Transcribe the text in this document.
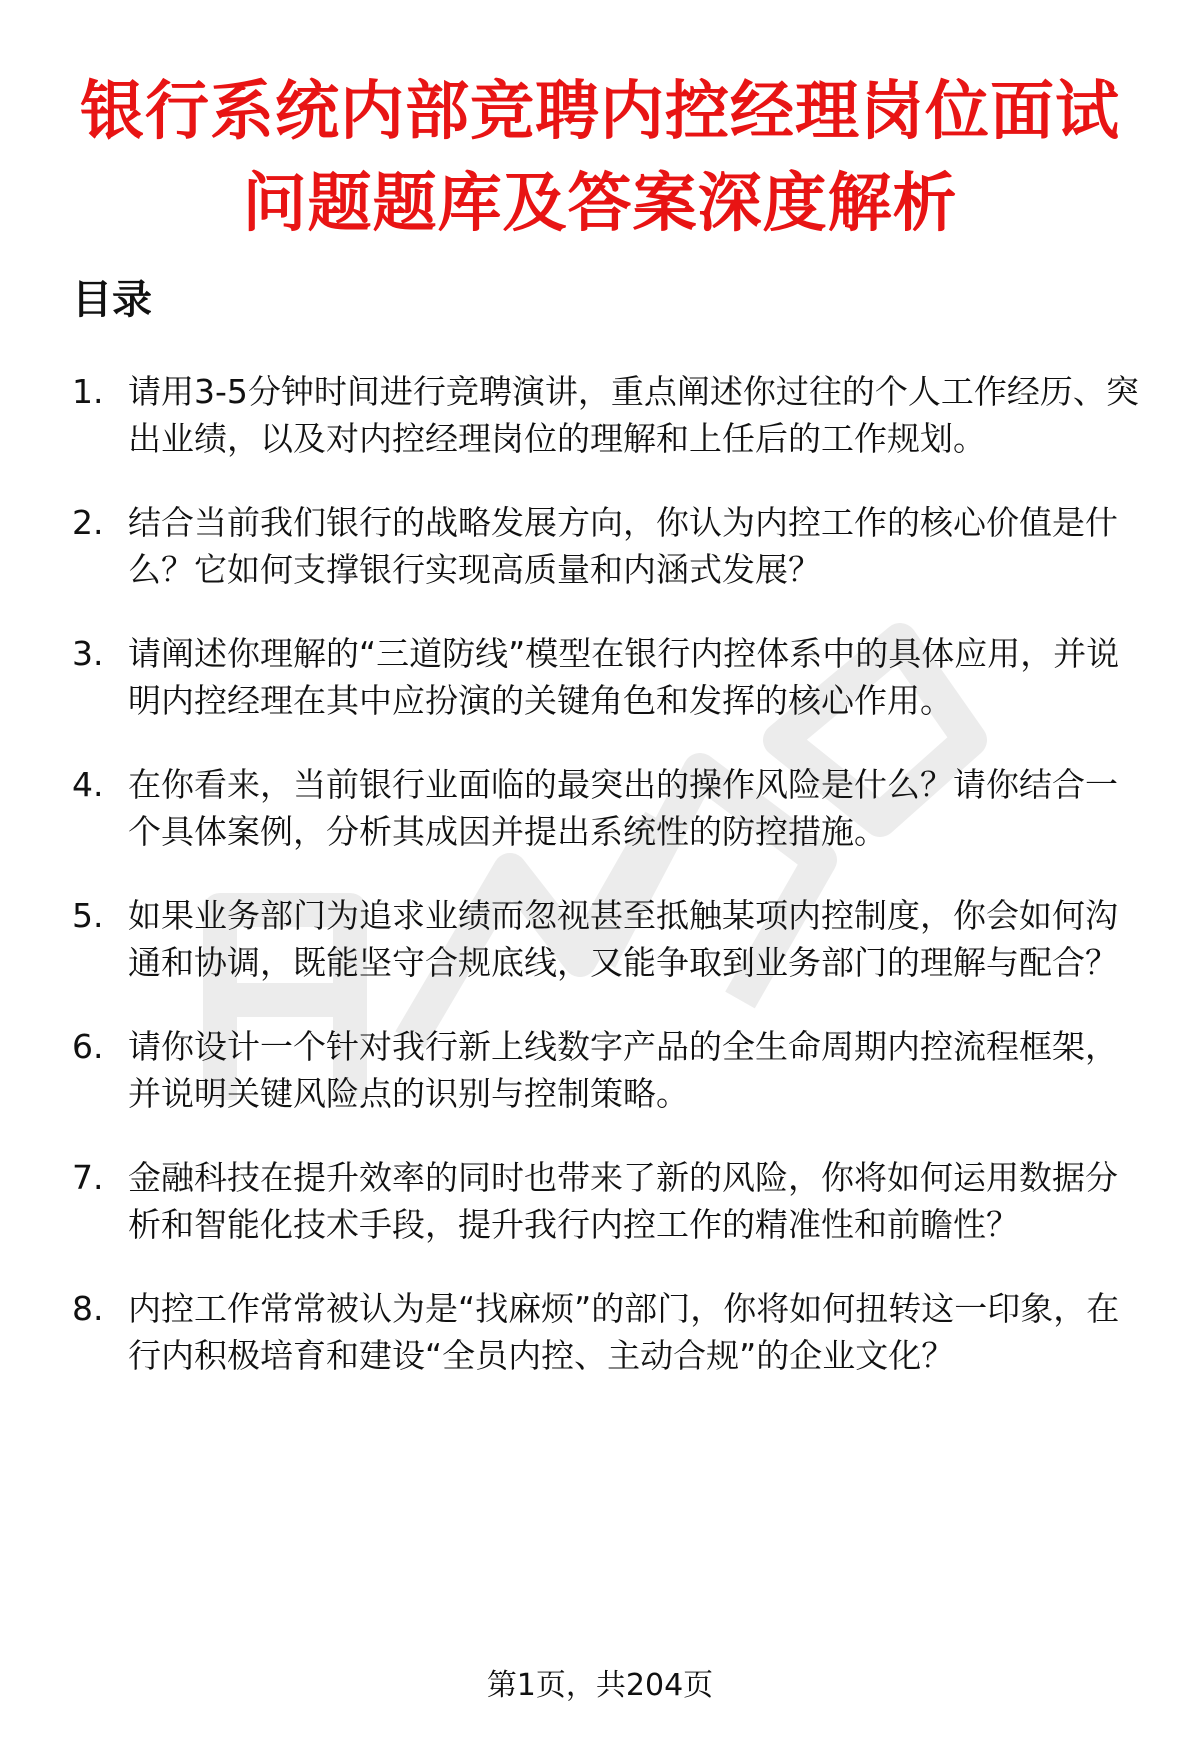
银行系统内部竞聘内控经理岗位面试问题题库及答案深度解析
目录
1. 请用3-5分钟时间进行竞聘演讲，重点阐述你过往的个人工作经历、突出业绩，以及对内控经理岗位的理解和上任后的工作规划。
2. 结合当前我们银行的战略发展方向，你认为内控工作的核心价值是什么？它如何支撑银行实现高质量和内涵式发展？
3. 请阐述你理解的“三道防线”模型在银行内控体系中的具体应用，并说明内控经理在其中应扮演的关键角色和发挥的核心作用。
4. 在你看来，当前银行业面临的最突出的操作风险是什么？请你结合一个具体案例，分析其成因并提出系统性的防控措施。
5. 如果业务部门为追求业绩而忽视甚至抵触某项内控制度，你会如何沟通和协调，既能坚守合规底线，又能争取到业务部门的理解与配合？
6. 请你设计一个针对我行新上线数字产品的全生命周期内控流程框架，并说明关键风险点的识别与控制策略。
7. 金融科技在提升效率的同时也带来了新的风险，你将如何运用数据分析和智能化技术手段，提升我行内控工作的精准性和前瞻性？
8. 内控工作常常被认为是“找麻烦”的部门，你将如何扭转这一印象，在行内积极培育和建设“全员内控、主动合规”的企业文化？
第1页，共204页
